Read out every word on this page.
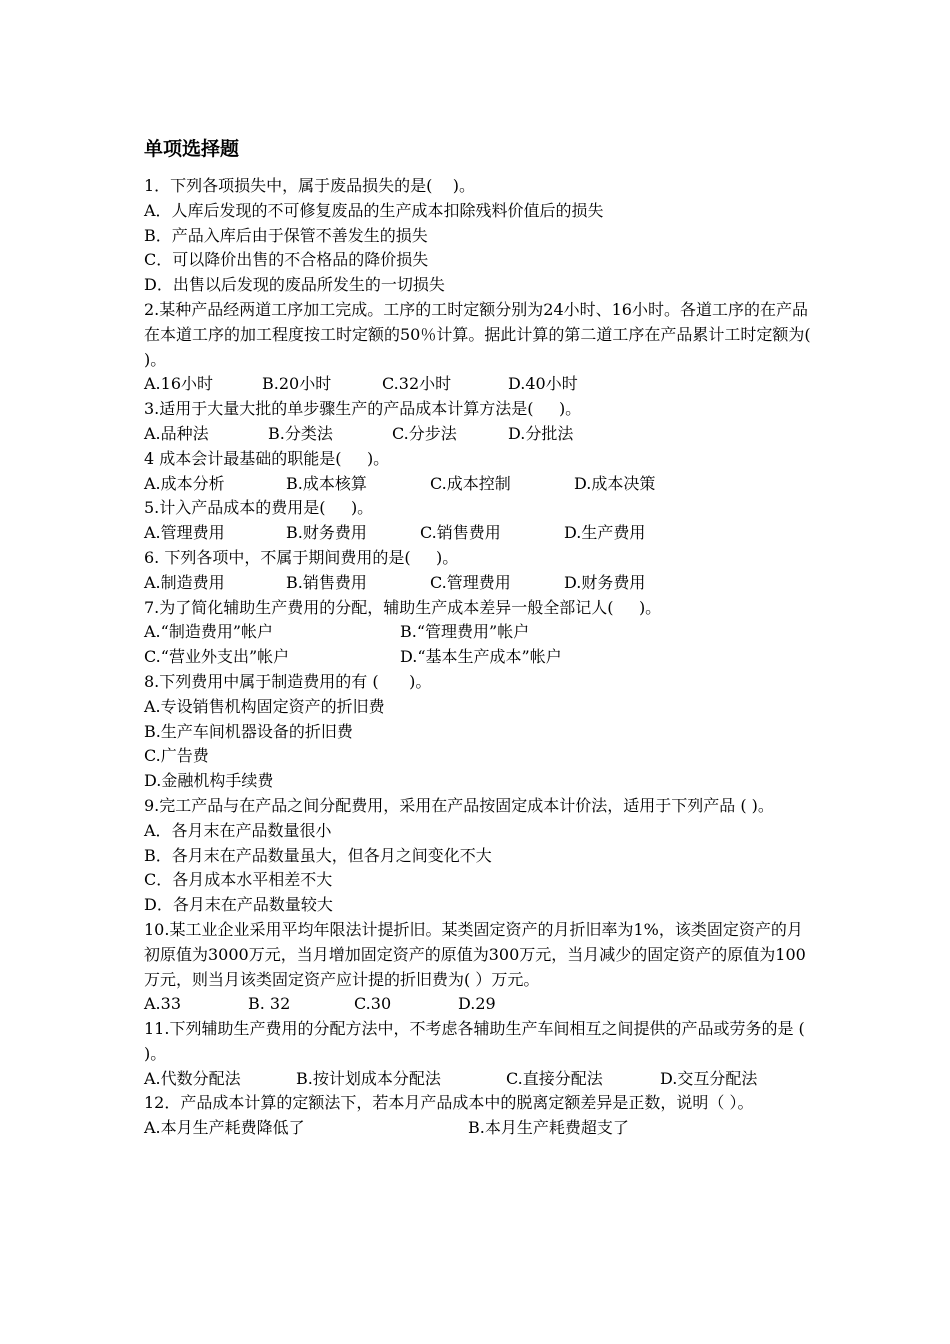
单项选择题
1．下列各项损失中，属于废品损失的是(    )。
A．人库后发现的不可修复废品的生产成本扣除残料价值后的损失
B．产品入库后由于保管不善发生的损失
C．可以降价出售的不合格品的降价损失
D．出售以后发现的废品所发生的一切损失
2.某种产品经两道工序加工完成。工序的工时定额分别为24小时、16小时。各道工序的在产品在本道工序的加工程度按工时定额的50％计算。据此计算的第二道工序在产品累计工时定额为( )。
A.16小时	B.20小时	C.32小时	D.40小时
3.适用于大量大批的单步骤生产的产品成本计算方法是(     )。
A.品种法	B.分类法	C.分步法	D.分批法
4 成本会计最基础的职能是(     )。
A.成本分析	B.成本核算	C.成本控制	D.成本决策
5.计入产品成本的费用是(     )。
A.管理费用	B.财务费用	C.销售费用	D.生产费用
6. 下列各项中，不属于期间费用的是(     )。
A.制造费用	B.销售费用	C.管理费用	D.财务费用
7.为了简化辅助生产费用的分配，辅助生产成本差异一般全部记人(     )。
A.“制造费用”帐户	B.“管理费用”帐户
C.“营业外支出”帐户	D.“基本生产成本”帐户
8.下列费用中属于制造费用的有 (      )。
A.专设销售机构固定资产的折旧费
B.生产车间机器设备的折旧费
C.广告费
D.金融机构手续费
9.完工产品与在产品之间分配费用，采用在产品按固定成本计价法，适用于下列产品 ( )。
A．各月末在产品数量很小
B．各月末在产品数量虽大，但各月之间变化不大
C．各月成本水平相差不大
D．各月末在产品数量较大
10.某工业企业采用平均年限法计提折旧。某类固定资产的月折旧率为1%，该类固定资产的月初原值为3000万元，当月增加固定资产的原值为300万元，当月减少的固定资产的原值为100万元，则当月该类固定资产应计提的折旧费为( ）万元。
A.33	B. 32	C.30	D.29
11.下列辅助生产费用的分配方法中，不考虑各辅助生产车间相互之间提供的产品或劳务的是 ( )。
A.代数分配法	B.按计划成本分配法	C.直接分配法	D.交互分配法
12．产品成本计算的定额法下，若本月产品成本中的脱离定额差异是正数，说明（ ）。
A.本月生产耗费降低了	B.本月生产耗费超支了
